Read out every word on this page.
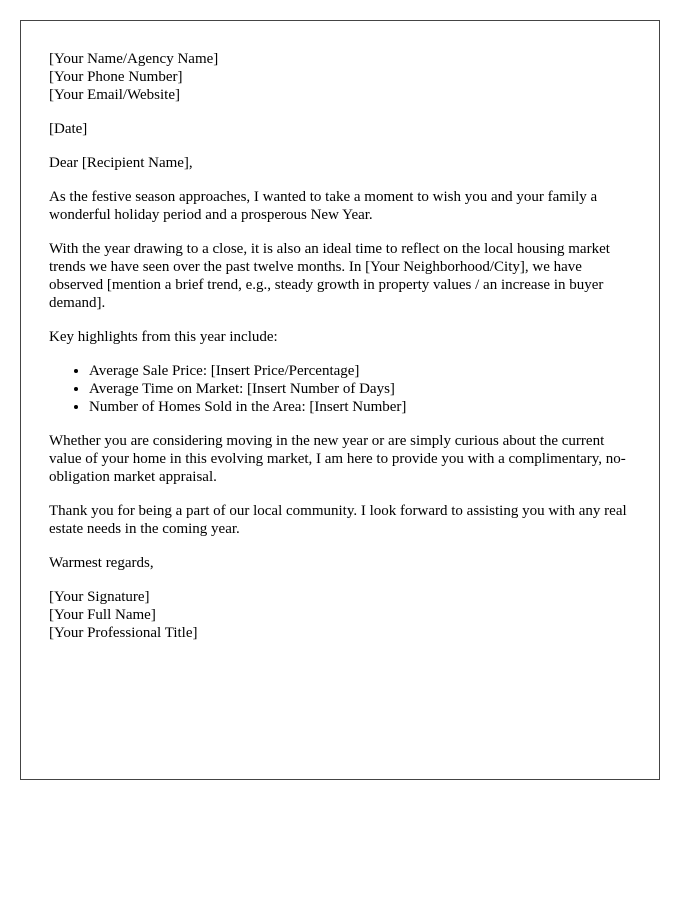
[Your Name/Agency Name]
[Your Phone Number]
[Your Email/Website]

[Date]

Dear [Recipient Name],

As the festive season approaches, I wanted to take a moment to wish you and your family a wonderful holiday period and a prosperous New Year.

With the year drawing to a close, it is also an ideal time to reflect on the local housing market trends we have seen over the past twelve months. In [Your Neighborhood/City], we have observed [mention a brief trend, e.g., steady growth in property values / an increase in buyer demand].

Key highlights from this year include:

• Average Sale Price: [Insert Price/Percentage]
• Average Time on Market: [Insert Number of Days]
• Number of Homes Sold in the Area: [Insert Number]

Whether you are considering moving in the new year or are simply curious about the current value of your home in this evolving market, I am here to provide you with a complimentary, no-obligation market appraisal.

Thank you for being a part of our local community. I look forward to assisting you with any real estate needs in the coming year.

Warmest regards,

[Your Signature]
[Your Full Name]
[Your Professional Title]
